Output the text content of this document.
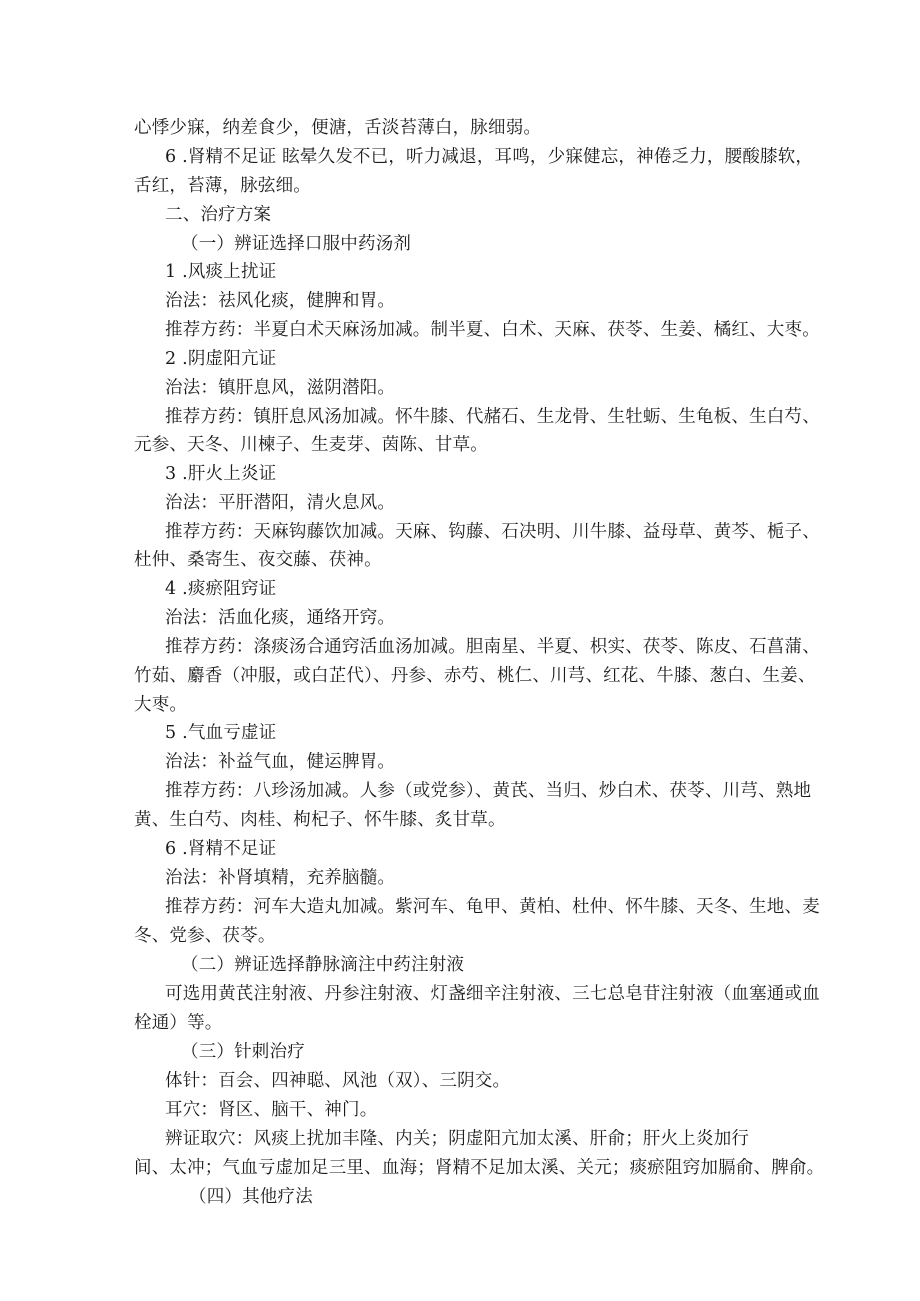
心悸少寐，纳差食少，便溏，舌淡苔薄白，脉细弱。
6 .肾精不足证 眩晕久发不已，听力减退，耳鸣，少寐健忘，神倦乏力，腰酸膝软，
舌红，苔薄，脉弦细。
二、治疗方案
（一）辨证选择口服中药汤剂
1 .风痰上扰证
治法：祛风化痰，健脾和胃。
推荐方药：半夏白术天麻汤加减。制半夏、白术、天麻、茯苓、生姜、橘红、大枣。
2 .阴虚阳亢证
治法：镇肝息风，滋阴潜阳。
推荐方药：镇肝息风汤加减。怀牛膝、代赭石、生龙骨、生牡蛎、生龟板、生白芍、
元参、天冬、川楝子、生麦芽、茵陈、甘草。
3 .肝火上炎证
治法：平肝潜阳，清火息风。
推荐方药：天麻钩藤饮加减。天麻、钩藤、石决明、川牛膝、益母草、黄芩、栀子、
杜仲、桑寄生、夜交藤、茯神。
4 .痰瘀阻窍证
治法：活血化痰，通络开窍。
推荐方药：涤痰汤合通窍活血汤加减。胆南星、半夏、枳实、茯苓、陈皮、石菖蒲、
竹茹、麝香（冲服，或白芷代）、丹参、赤芍、桃仁、川芎、红花、牛膝、葱白、生姜、
大枣。
5 .气血亏虚证
治法：补益气血，健运脾胃。
推荐方药：八珍汤加减。人参（或党参）、黄芪、当归、炒白术、茯苓、川芎、熟地
黄、生白芍、肉桂、枸杞子、怀牛膝、炙甘草。
6 .肾精不足证
治法：补肾填精，充养脑髓。
推荐方药：河车大造丸加减。紫河车、龟甲、黄柏、杜仲、怀牛膝、天冬、生地、麦
冬、党参、茯苓。
（二）辨证选择静脉滴注中药注射液
可选用黄芪注射液、丹参注射液、灯盏细辛注射液、三七总皂苷注射液（血塞通或血
栓通）等。
（三）针刺治疗
体针：百会、四神聪、风池（双）、三阴交。
耳穴：肾区、脑干、神门。
辨证取穴：风痰上扰加丰隆、内关；阴虚阳亢加太溪、肝俞；肝火上炎加行
间、太冲；气血亏虚加足三里、血海；肾精不足加太溪、关元；痰瘀阻窍加膈俞、脾俞。
（四）其他疗法
